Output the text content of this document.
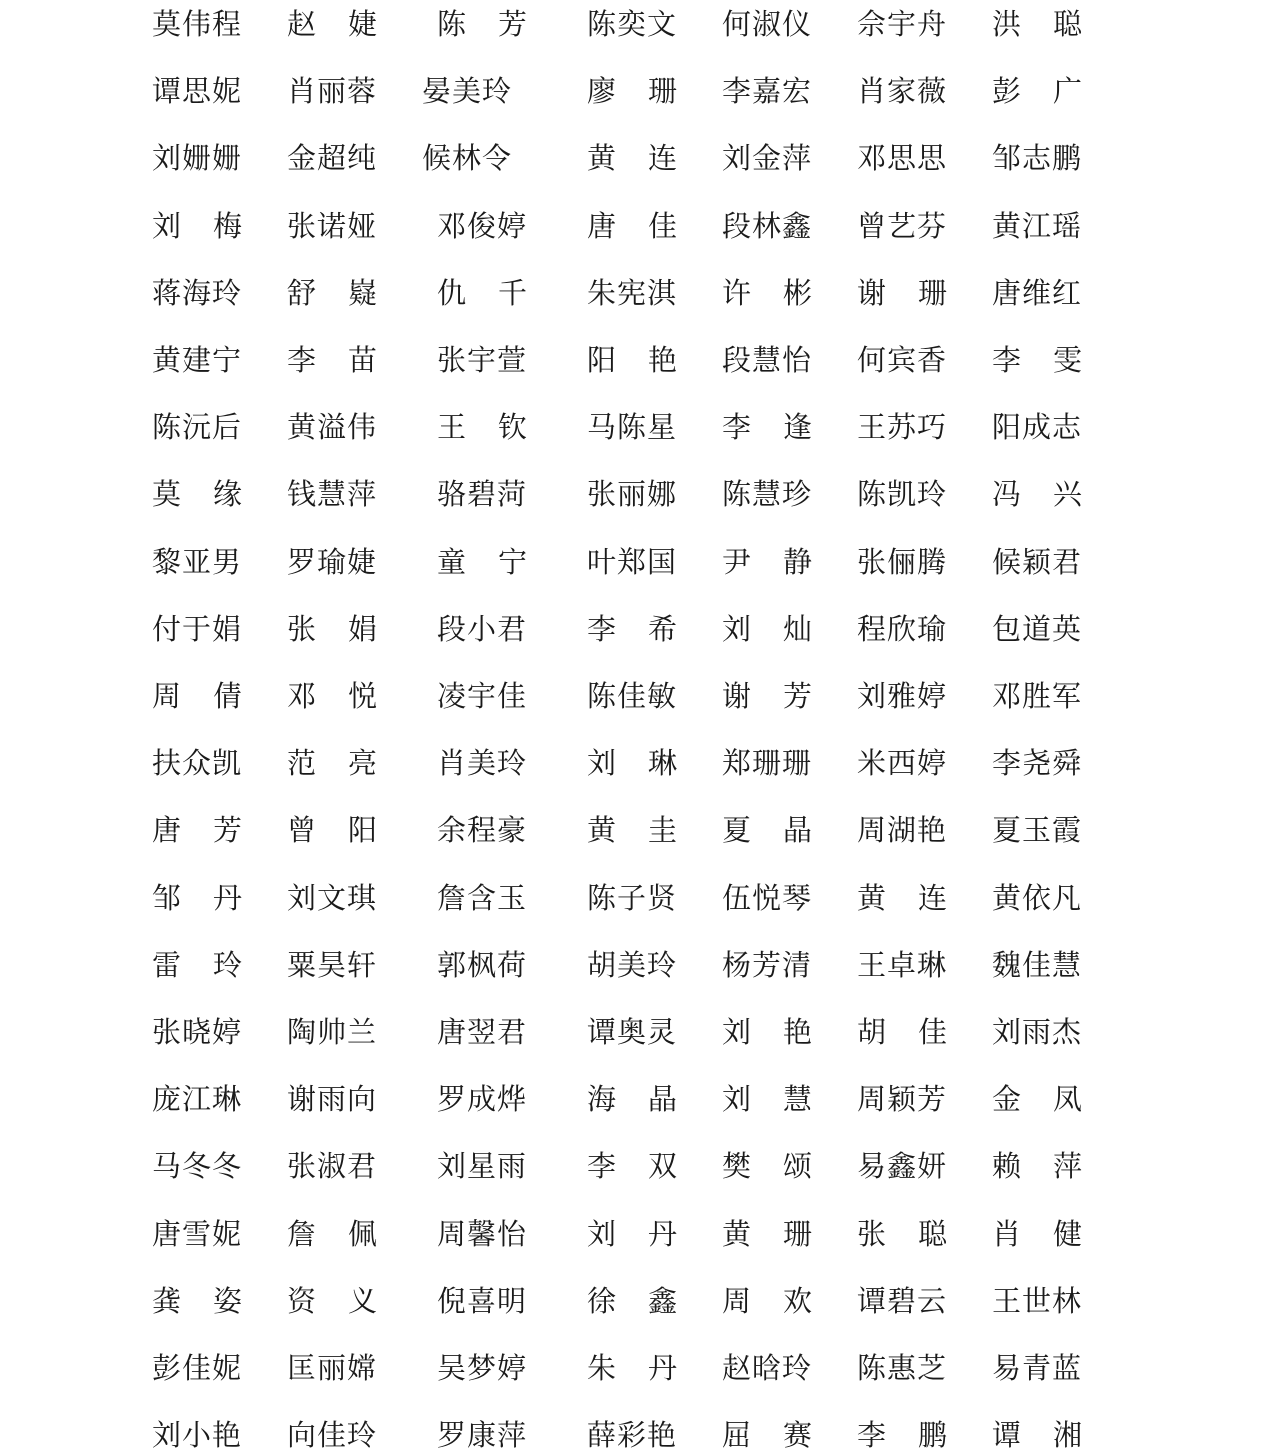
莫伟程 赵 婕 陈 芳 陈奕文 何淑仪 佘宇舟 洪 聪
谭思妮 肖丽蓉 晏美玲	廖 珊 李嘉宏 肖家薇 彭 广
刘姗姗 金超纯 候林令	黄 连 刘金萍 邓思思 邹志鹏
刘 梅 张诺娅 邓俊婷 唐 佳 段林鑫 曾艺芬 黄江瑶
蒋海玲 舒 嶷 仇 千 朱宪淇 许 彬 谢 珊 唐维红
黄建宁 李 苗 张宇萱 阳 艳 段慧怡 何宾香 李 雯
陈沅后 黄溢伟 王 钦 马陈星 李 逢 王苏巧 阳成志
莫 缘 钱慧萍 骆碧菏 张丽娜 陈慧珍 陈凯玲 冯 兴
黎亚男 罗瑜婕 童 宁 叶郑国 尹 静 张俪腾 候颖君
付于娟 张 娟 段小君 李 希 刘 灿 程欣瑜 包道英
周 倩 邓 悦 凌宇佳 陈佳敏 谢 芳 刘雅婷 邓胜军
扶众凯 范 亮 肖美玲 刘 琳 郑珊珊 米西婷 李尧舜
唐 芳 曾 阳 余程豪 黄 圭 夏 晶 周湖艳 夏玉霞
邹 丹 刘文琪 詹含玉 陈子贤 伍悦琴 黄 连 黄依凡
雷 玲 粟昊轩 郭枫荷 胡美玲 杨芳清 王卓琳 魏佳慧
张晓婷 陶帅兰 唐翌君 谭奥灵 刘 艳 胡 佳 刘雨杰
庞江琳 谢雨向 罗成烨 海 晶 刘 慧 周颖芳 金 凤
马冬冬 张淑君 刘星雨 李 双 樊 颂 易鑫妍 赖 萍
唐雪妮 詹 佩 周馨怡 刘 丹 黄 珊 张 聪 肖 健
龚 姿 资 义 倪喜明 徐 鑫 周 欢 谭碧云 王世林
彭佳妮 匡丽嫦 吴梦婷 朱 丹 赵晗玲 陈惠芝 易青蓝
刘小艳 向佳玲 罗康萍 薛彩艳 屈 赛 李 鹏 谭 湘
